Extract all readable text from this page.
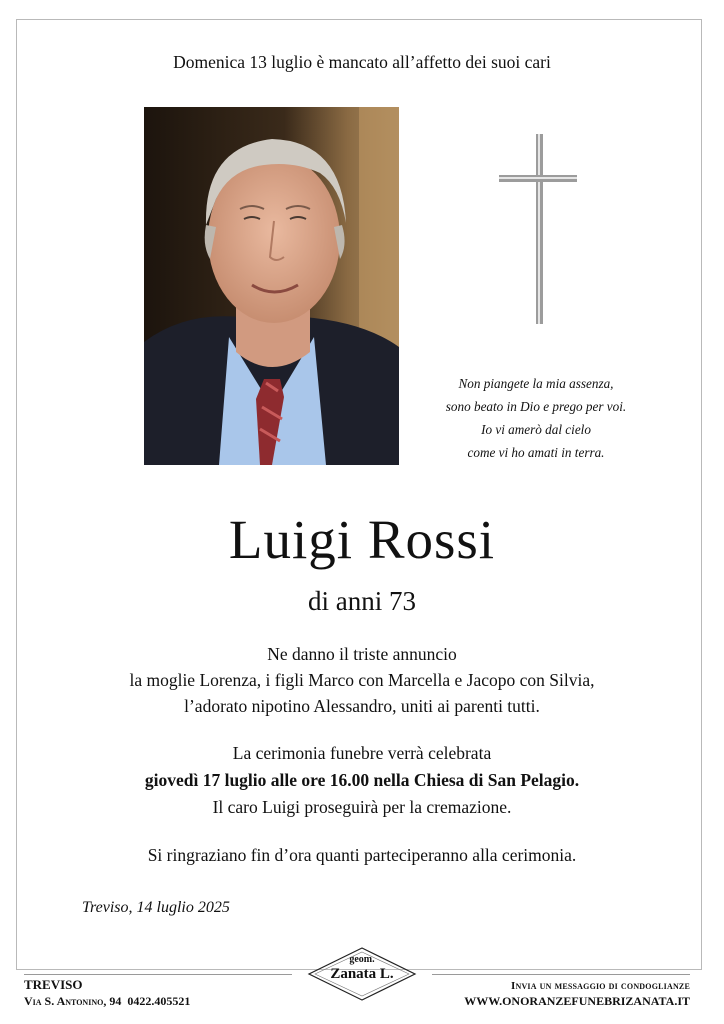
Domenica 13 luglio è mancato all’affetto dei suoi cari
Non piangete la mia assenza,
sono beato in Dio e prego per voi.
Io vi amerò dal cielo
come vi ho amati in terra.
Luigi Rossi
di anni 73
Ne danno il triste annuncio
la moglie Lorenza, i figli Marco con Marcella e Jacopo con Silvia,
l’adorato nipotino Alessandro, uniti ai parenti tutti.
La cerimonia funebre verrà celebrata
giovedì 17 luglio alle ore 16.00 nella Chiesa di San Pelagio.
Il caro Luigi proseguirà per la cremazione.
Si ringraziano fin d’ora quanti parteciperanno alla cerimonia.
Treviso, 14 luglio 2025
TREVISO
Via S. Antonino, 94 0422.405521
geom.
Zanata L.
Invia un messaggio di condoglianze
WWW.ONORANZEFUNEBRIZANATA.IT
